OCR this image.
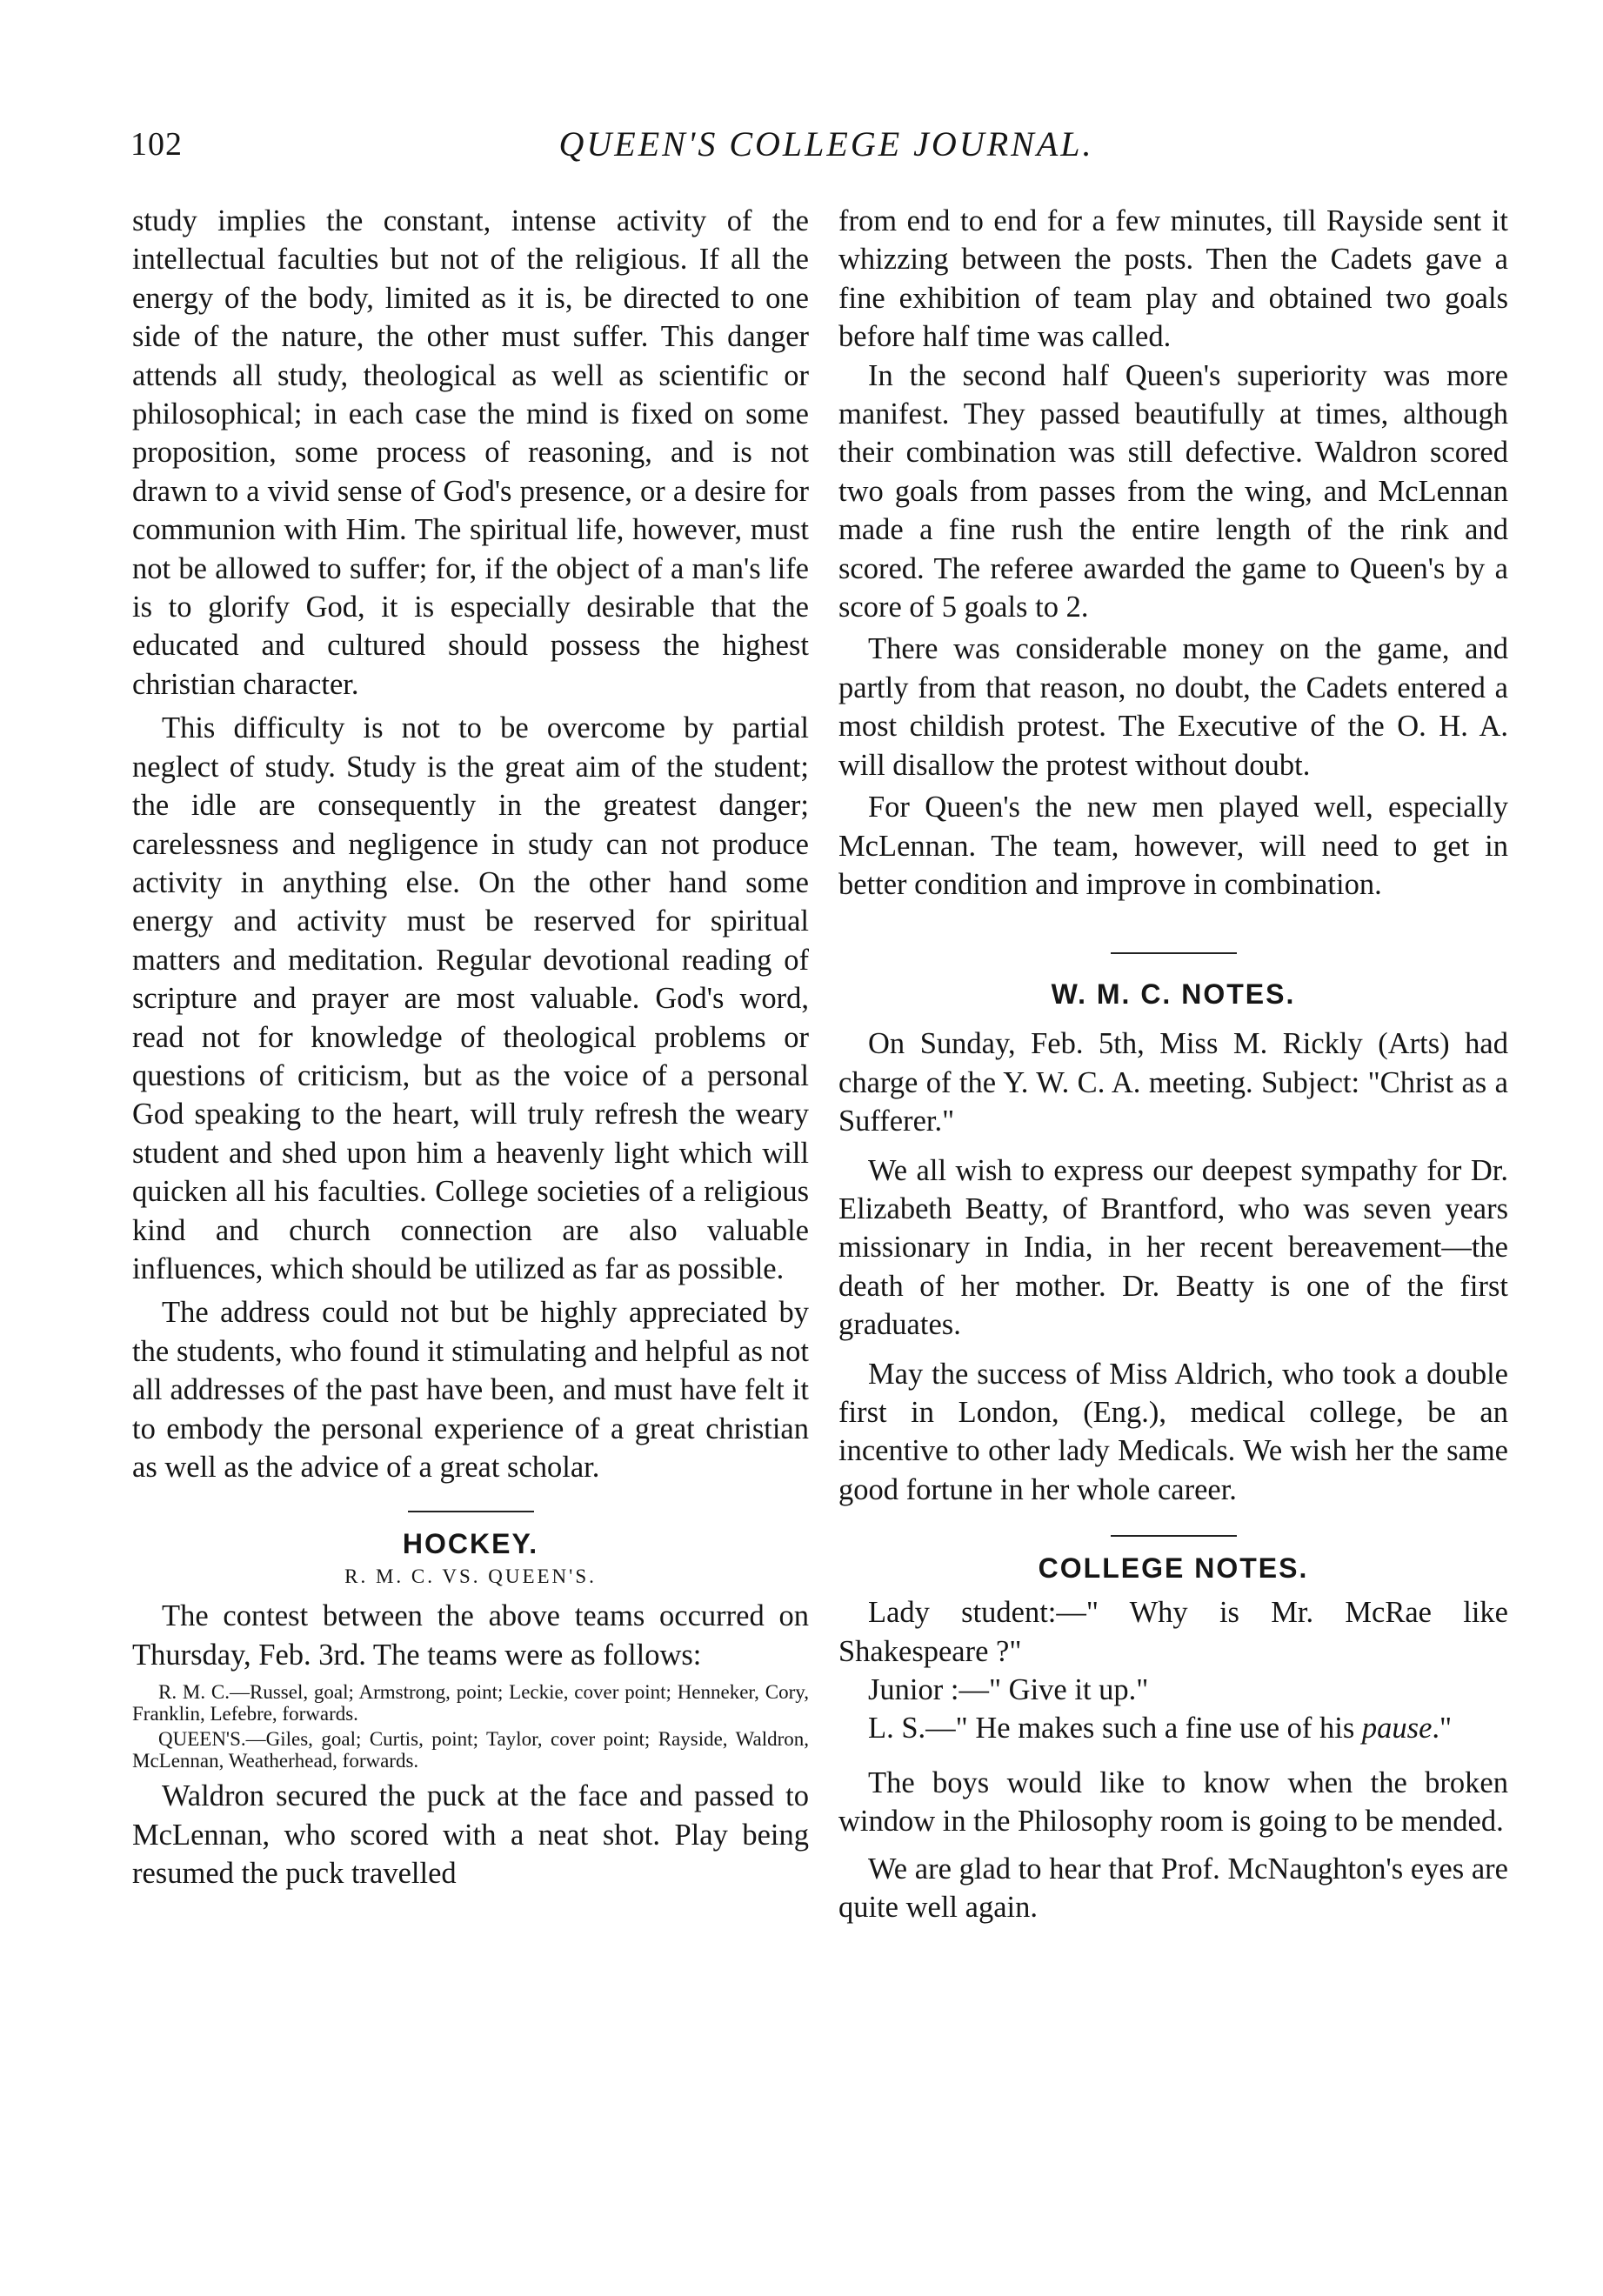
102	QUEEN'S COLLEGE JOURNAL.

study implies the constant, intense activity of the intellectual faculties but not of the religious. If all the energy of the body, limited as it is, be directed to one side of the nature, the other must suffer. This danger attends all study, theological as well as scientific or philosophical; in each case the mind is fixed on some proposition, some process of reasoning, and is not drawn to a vivid sense of God's presence, or a desire for communion with Him. The spiritual life, however, must not be allowed to suffer; for, if the object of a man's life is to glorify God, it is especially desirable that the educated and cultured should possess the highest christian character.

This difficulty is not to be overcome by partial neglect of study. Study is the great aim of the student; the idle are consequently in the greatest danger; carelessness and negligence in study can not produce activity in anything else. On the other hand some energy and activity must be reserved for spiritual matters and meditation. Regular devotional reading of scripture and prayer are most valuable. God's word, read not for knowledge of theological problems or questions of criticism, but as the voice of a personal God speaking to the heart, will truly refresh the weary student and shed upon him a heavenly light which will quicken all his faculties. College societies of a religious kind and church connection are also valuable influences, which should be utilized as far as possible.

The address could not but be highly appreciated by the students, who found it stimulating and helpful as not all addresses of the past have been, and must have felt it to embody the personal experience of a great christian as well as the advice of a great scholar.

HOCKEY.

R. M. C. VS. QUEEN'S.

The contest between the above teams occurred on Thursday, Feb. 3rd. The teams were as follows:

R. M. C.—Russel, goal; Armstrong, point; Leckie, cover point; Henneker, Cory, Franklin, Lefebre, forwards.

QUEEN'S.—Giles, goal; Curtis, point; Taylor, cover point; Rayside, Waldron, McLennan, Weatherhead, forwards.

Waldron secured the puck at the face and passed to McLennan, who scored with a neat shot. Play being resumed the puck travelled

from end to end for a few minutes, till Rayside sent it whizzing between the posts. Then the Cadets gave a fine exhibition of team play and obtained two goals before half time was called.

In the second half Queen's superiority was more manifest. They passed beautifully at times, although their combination was still defective. Waldron scored two goals from passes from the wing, and McLennan made a fine rush the entire length of the rink and scored. The referee awarded the game to Queen's by a score of 5 goals to 2.

There was considerable money on the game, and partly from that reason, no doubt, the Cadets entered a most childish protest. The Executive of the O. H. A. will disallow the protest without doubt.

For Queen's the new men played well, especially McLennan. The team, however, will need to get in better condition and improve in combination.

W. M. C. NOTES.

On Sunday, Feb. 5th, Miss M. Rickly (Arts) had charge of the Y. W. C. A. meeting. Subject: "Christ as a Sufferer."

We all wish to express our deepest sympathy for Dr. Elizabeth Beatty, of Brantford, who was seven years missionary in India, in her recent bereavement—the death of her mother. Dr. Beatty is one of the first graduates.

May the success of Miss Aldrich, who took a double first in London, (Eng.), medical college, be an incentive to other lady Medicals. We wish her the same good fortune in her whole career.

COLLEGE NOTES.

Lady student:—" Why is Mr. McRae like Shakespeare ?"

Junior :—" Give it up."

L. S.—" He makes such a fine use of his pause."

The boys would like to know when the broken window in the Philosophy room is going to be mended.

We are glad to hear that Prof. McNaughton's eyes are quite well again.
